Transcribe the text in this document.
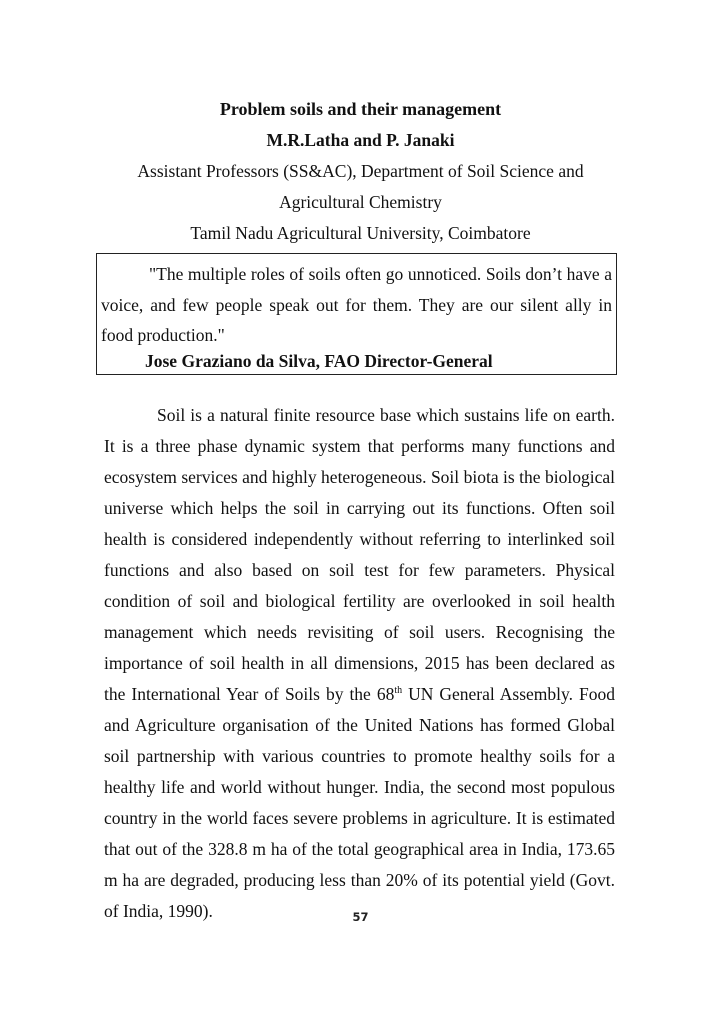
Problem soils and their management
M.R.Latha and P. Janaki
Assistant Professors (SS&AC), Department of Soil Science and
Agricultural Chemistry
Tamil Nadu Agricultural University, Coimbatore
"The multiple roles of soils often go unnoticed. Soils don’t have a voice, and few people speak out for them. They are our silent ally in food production."
Jose Graziano da Silva, FAO Director-General

Soil is a natural finite resource base which sustains life on earth. It is a three phase dynamic system that performs many functions and ecosystem services and highly heterogeneous. Soil biota is the biological universe which helps the soil in carrying out its functions. Often soil health is considered independently without referring to interlinked soil functions and also based on soil test for few parameters. Physical condition of soil and biological fertility are overlooked in soil health management which needs revisiting of soil users. Recognising the importance of soil health in all dimensions, 2015 has been declared as the International Year of Soils by the 68th UN General Assembly. Food and Agriculture organisation of the United Nations has formed Global soil partnership with various countries to promote healthy soils for a healthy life and world without hunger. India, the second most populous country in the world faces severe problems in agriculture. It is estimated that out of the 328.8 m ha of the total geographical area in India, 173.65 m ha are degraded, producing less than 20% of its potential yield (Govt. of India, 1990).	57
